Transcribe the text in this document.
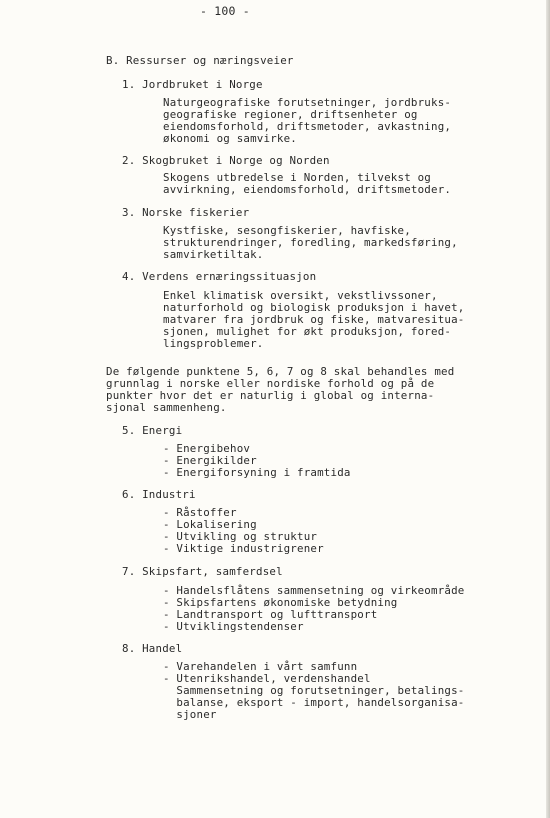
- 100 -
B. Ressurser og næringsveier
1. Jordbruket i Norge
Naturgeografiske forutsetninger, jordbruks-
geografiske regioner, driftsenheter og
eiendomsforhold, driftsmetoder, avkastning,
økonomi og samvirke.
2. Skogbruket i Norge og Norden
Skogens utbredelse i Norden, tilvekst og
avvirkning, eiendomsforhold, driftsmetoder.
3. Norske fiskerier
Kystfiske, sesongfiskerier, havfiske,
strukturendringer, foredling, markedsføring,
samvirketiltak.
4. Verdens ernæringssituasjon
Enkel klimatisk oversikt, vekstlivssoner,
naturforhold og biologisk produksjon i havet,
matvarer fra jordbruk og fiske, matvaresitua-
sjonen, mulighet for økt produksjon, fored-
lingsproblemer.
De følgende punktene 5, 6, 7 og 8 skal behandles med
grunnlag i norske eller nordiske forhold og på de
punkter hvor det er naturlig i global og interna-
sjonal sammenheng.
5. Energi
- Energibehov
- Energikilder
- Energiforsyning i framtida
6. Industri
- Råstoffer
- Lokalisering
- Utvikling og struktur
- Viktige industrigrener
7. Skipsfart, samferdsel
- Handelsflåtens sammensetning og virkeområde
- Skipsfartens økonomiske betydning
- Landtransport og lufttransport
- Utviklingstendenser
8. Handel
- Varehandelen i vårt samfunn
- Utenrikshandel, verdenshandel
Sammensetning og forutsetninger, betalings-
balanse, eksport - import, handelsorganisa-
sjoner
